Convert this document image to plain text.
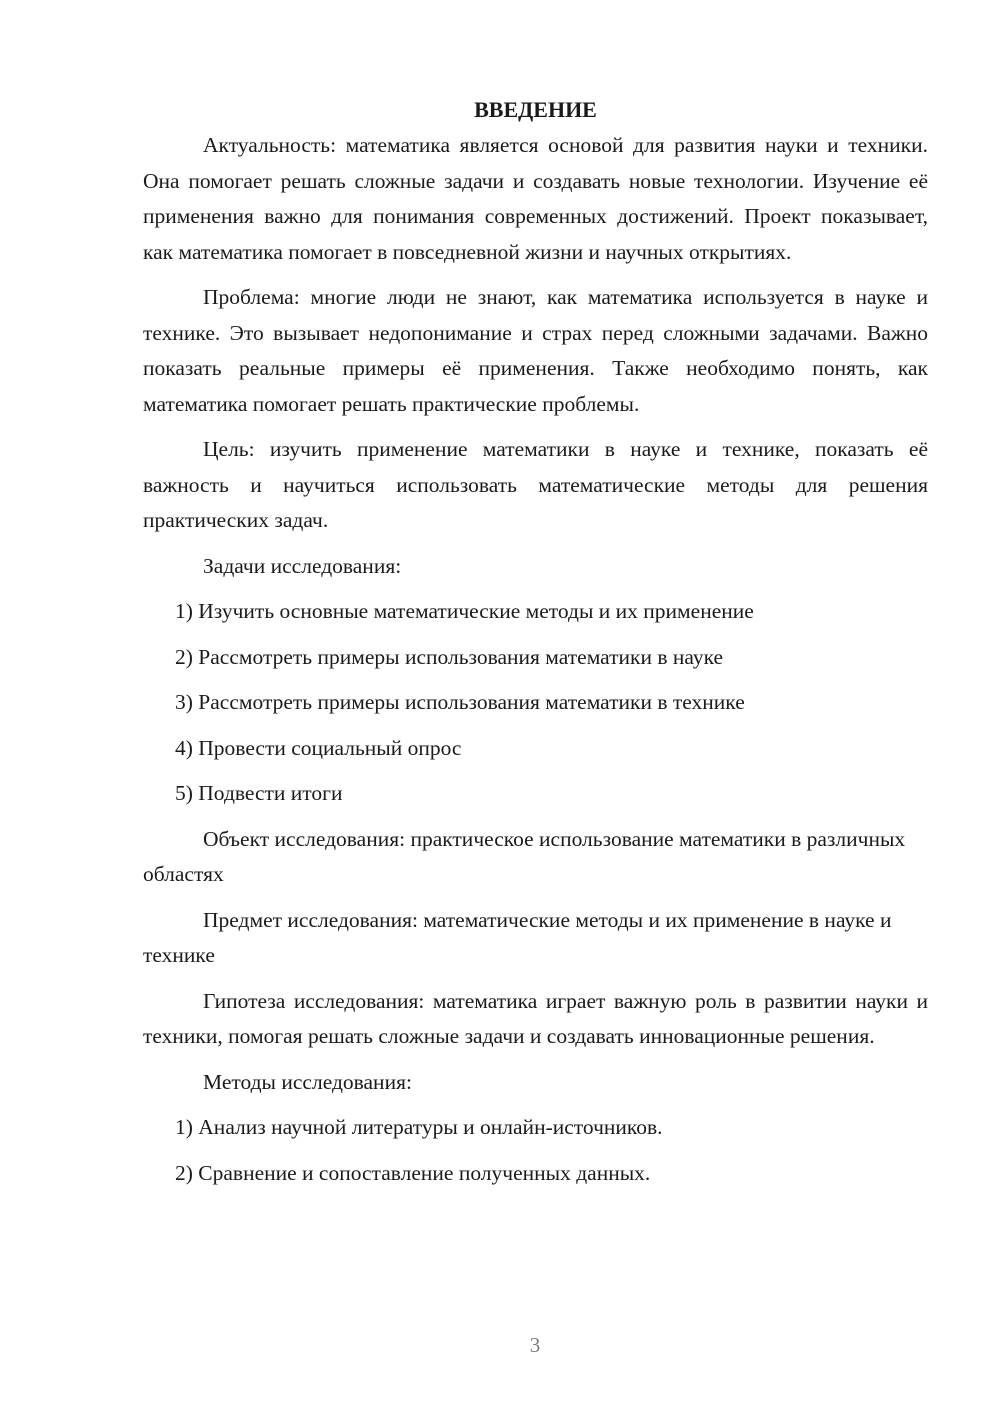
ВВЕДЕНИЕ

Актуальность: математика является основой для развития науки и техники. Она помогает решать сложные задачи и создавать новые технологии. Изучение её применения важно для понимания современных достижений. Проект показывает, как математика помогает в повседневной жизни и научных открытиях.

Проблема: многие люди не знают, как математика используется в науке и технике. Это вызывает недопонимание и страх перед сложными задачами. Важно показать реальные примеры её применения. Также необходимо понять, как математика помогает решать практические проблемы.

Цель: изучить применение математики в науке и технике, показать её важность и научиться использовать математические методы для решения практических задач.

Задачи исследования:

1) Изучить основные математические методы и их применение
2) Рассмотреть примеры использования математики в науке
3) Рассмотреть примеры использования математики в технике
4) Провести социальный опрос
5) Подвести итоги

Объект исследования: практическое использование математики в различных областях

Предмет исследования: математические методы и их применение в науке и технике

Гипотеза исследования: математика играет важную роль в развитии науки и техники, помогая решать сложные задачи и создавать инновационные решения.

Методы исследования:

1) Анализ научной литературы и онлайн-источников.
2) Сравнение и сопоставление полученных данных.
3
